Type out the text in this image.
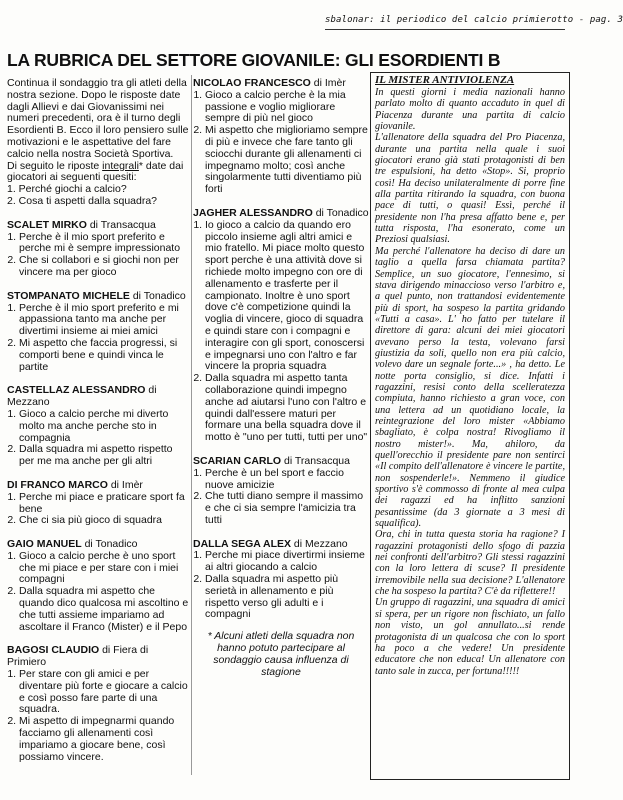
sbalonar: il periodico del calcio primierotto - pag. 3
LA RUBRICA DEL SETTORE GIOVANILE: GLI ESORDIENTI B

Continua il sondaggio tra gli atleti della nostra sezione. Dopo le risposte date dagli Allievi e dai Giovanissimi nei numeri precedenti, ora è il turno degli Esordienti B. Ecco il loro pensiero sulle motivazioni e le aspettative del fare calcio nella nostra Società Sportiva.
Di seguito le riposte integrali* date dai giocatori ai seguenti quesiti:
1. Perché giochi a calcio?
2. Cosa ti aspetti dalla squadra?

SCALET MIRKO di Transacqua
1. Perche è il mio sport preferito e perche mi è sempre impressionato
2. Che si collabori e si giochi non per vincere ma per gioco
STOMPANATO MICHELE di Tonadico
1. Perche è il mio sport preferito e mi appassiona tanto ma anche per divertimi insieme ai miei amici
2. Mi aspetto che faccia progressi, si comporti bene e quindi vinca le partite
CASTELLAZ ALESSANDRO di Mezzano
1. Gioco a calcio perche mi diverto molto ma anche perche sto in compagnia
2. Dalla squadra mi aspetto rispetto per me ma anche per gli altri
DI FRANCO MARCO di Imèr
1. Perche mi piace e praticare sport fa bene
2. Che ci sia più gioco di squadra
GAIO MANUEL di Tonadico
1. Gioco a calcio perche è uno sport che mi piace e per stare con i miei compagni
2. Dalla squadra mi aspetto che quando dico qualcosa mi ascoltino e che tutti assieme impariamo ad ascoltare il Franco (Mister) e il Pepo
BAGOSI CLAUDIO di Fiera di Primiero
1. Per stare con gli amici e per diventare più forte e giocare a calcio e così posso fare parte di una squadra.
2. Mi aspetto di impegnarmi quando facciamo gli allenamenti così impariamo a giocare bene, così possiamo vincere.
NICOLAO FRANCESCO di Imèr
1. Gioco a calcio perche è la mia passione e voglio migliorare sempre di più nel gioco
2. Mi aspetto che miglioriamo sempre di più e invece che fare tanto gli sciocchi durante gli allenamenti ci impegnamo molto; così anche singolarmente tutti diventiamo più forti
JAGHER ALESSANDRO di Tonadico
1. Io gioco a calcio da quando ero piccolo insieme agli altri amici e mio fratello. Mi piace molto questo sport perche è una attività dove si richiede molto impegno con ore di allenamento e trasferte per il campionato. Inoltre è uno sport dove c'è competizione quindi la voglia di vincere, gioco di squadra e quindi stare con i compagni e interagire con gli sport, conoscersi e impegnarsi uno con l'altro e far vincere la propria squadra
2. Dalla squadra mi aspetto tanta collaborazione quindi impegno anche ad aiutarsi l'uno con l'altro e quindi dall'essere maturi per formare una bella squadra dove il motto è "uno per tutti, tutti per uno"
SCARIAN CARLO di Transacqua
1. Perche è un bel sport e faccio nuove amicizie
2. Che tutti diano sempre il massimo e che ci sia sempre l'amicizia tra tutti
DALLA SEGA ALEX di Mezzano
1. Perche mi piace divertirmi insieme ai altri giocando a calcio
2. Dalla squadra mi aspetto più serietà in allenamento e più rispetto verso gli adulti e i compagni
* Alcuni atleti della squadra non hanno potuto partecipare al sondaggio causa influenza di stagione
IL MISTER ANTIVIOLENZA

In questi giorni i media nazionali hanno parlato molto di quanto accaduto in quel di Piacenza durante una partita di calcio giovanile.

L'allenatore della squadra del Pro Piacenza, durante una partita nella quale i suoi giocatori erano già stati protagonisti di ben tre espulsioni, ha detto «Stop». Si, proprio così! Ha deciso unilateralmente di porre fine alla partita ritirando la squadra, con buona pace di tutti, o quasi! Essì, perché il presidente non l'ha presa affatto bene e, per tutta risposta, l'ha esonerato, come un Preziosi qualsiasi.

Ma perché l'allenatore ha deciso di dare un taglio a quella farsa chiamata partita? Semplice, un suo giocatore, l'ennesimo, si stava dirigendo minaccioso verso l'arbitro e, a quel punto, non trattandosi evidentemente più di sport, ha sospeso la partita gridando «Tutti a casa». L' ho fatto per tutelare il direttore di gara: alcuni dei miei giocatori avevano perso la testa, volevano farsi giustizia da soli, quello non era più calcio, volevo dare un segnale forte...» , ha detto. Le notte porta consiglio, si dice. Infatti i ragazzini, resisi conto della scelleratezza compiuta, hanno richiesto a gran voce, con una lettera ad un quotidiano locale, la reintegrazione del loro mister «Abbiamo sbagliato, è colpa nostra! Rivogliamo il nostro mister!». Ma, ahiloro, da quell'orecchio il presidente pare non sentirci «Il compito dell'allenatore è vincere le partite, non sospenderle!». Nemmeno il giudice sportivo s'è commosso di fronte al mea culpa dei ragazzi ed ha inflitto sanzioni pesantissime (da 3 giornate a 3 mesi di squalifica).

Ora, chi in tutta questa storia ha ragione? I ragazzini protagonisti dello sfogo di pazzia nei confronti dell'arbitro? Gli stessi ragazzini con la loro lettera di scuse? Il presidente irremovibile nella sua decisione? L'allenatore che ha sospeso la partita? C'è da riflettere!!

Un gruppo di ragazzini, una squadra di amici si spera, per un rigore non fischiato, un fallo non visto, un gol annullato...si rende protagonista di un qualcosa che con lo sport ha poco a che vedere! Un presidente educatore che non educa! Un allenatore con tanto sale in zucca, per fortuna!!!!!
